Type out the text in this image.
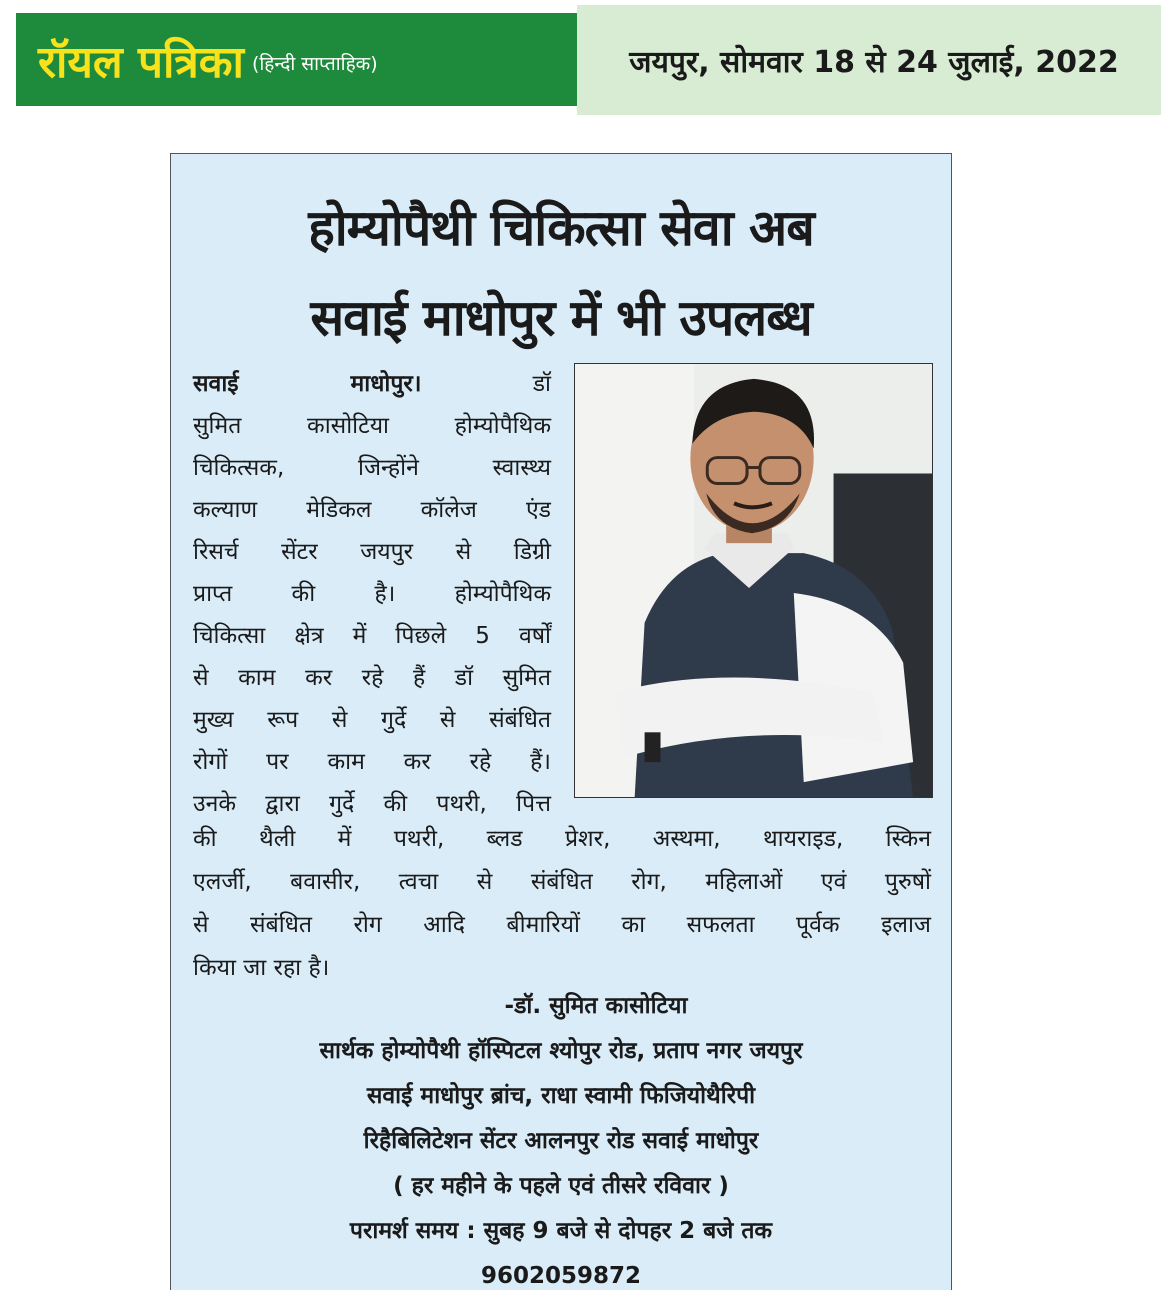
रॉयल पत्रिका (हिन्दी साप्ताहिक)	जयपुर, सोमवार 18 से 24 जुलाई, 2022
होम्योपैथी चिकित्सा सेवा अब
सवाई माधोपुर में भी उपलब्ध
सवाई माधोपुर।	डॉ
सुमित कासोटिया होम्योपैथिक
चिकित्सक, जिन्होंने स्वास्थ्य
कल्याण मेडिकल कॉलेज एंड
रिसर्च सेंटर जयपुर से डिग्री
प्राप्त की है। होम्योपैथिक
चिकित्सा क्षेत्र में पिछले 5 वर्षों
से काम कर रहे हैं डॉ सुमित
मुख्य रूप से गुर्दे से संबंधित
रोगों पर काम कर रहे हैं।
उनके द्वारा गुर्दे की पथरी, पित्त
की थैली में पथरी, ब्लड प्रेशर, अस्थमा, थायराइड, स्किन
एलर्जी, बवासीर, त्वचा से संबंधित रोग, महिलाओं एवं पुरुषों
से संबंधित रोग आदि बीमारियों का सफलता पूर्वक इलाज
किया जा रहा है।
-डॉ. सुमित कासोटिया
सार्थक होम्योपैथी हॉस्पिटल श्योपुर रोड, प्रताप नगर जयपुर
सवाई माधोपुर ब्रांच, राधा स्वामी फिजियोथैरिपी
रिहैबिलिटेशन सेंटर आलनपुर रोड सवाई माधोपुर
( हर महीने के पहले एवं तीसरे रविवार )
परामर्श समय : सुबह 9 बजे से दोपहर 2 बजे तक
9602059872
